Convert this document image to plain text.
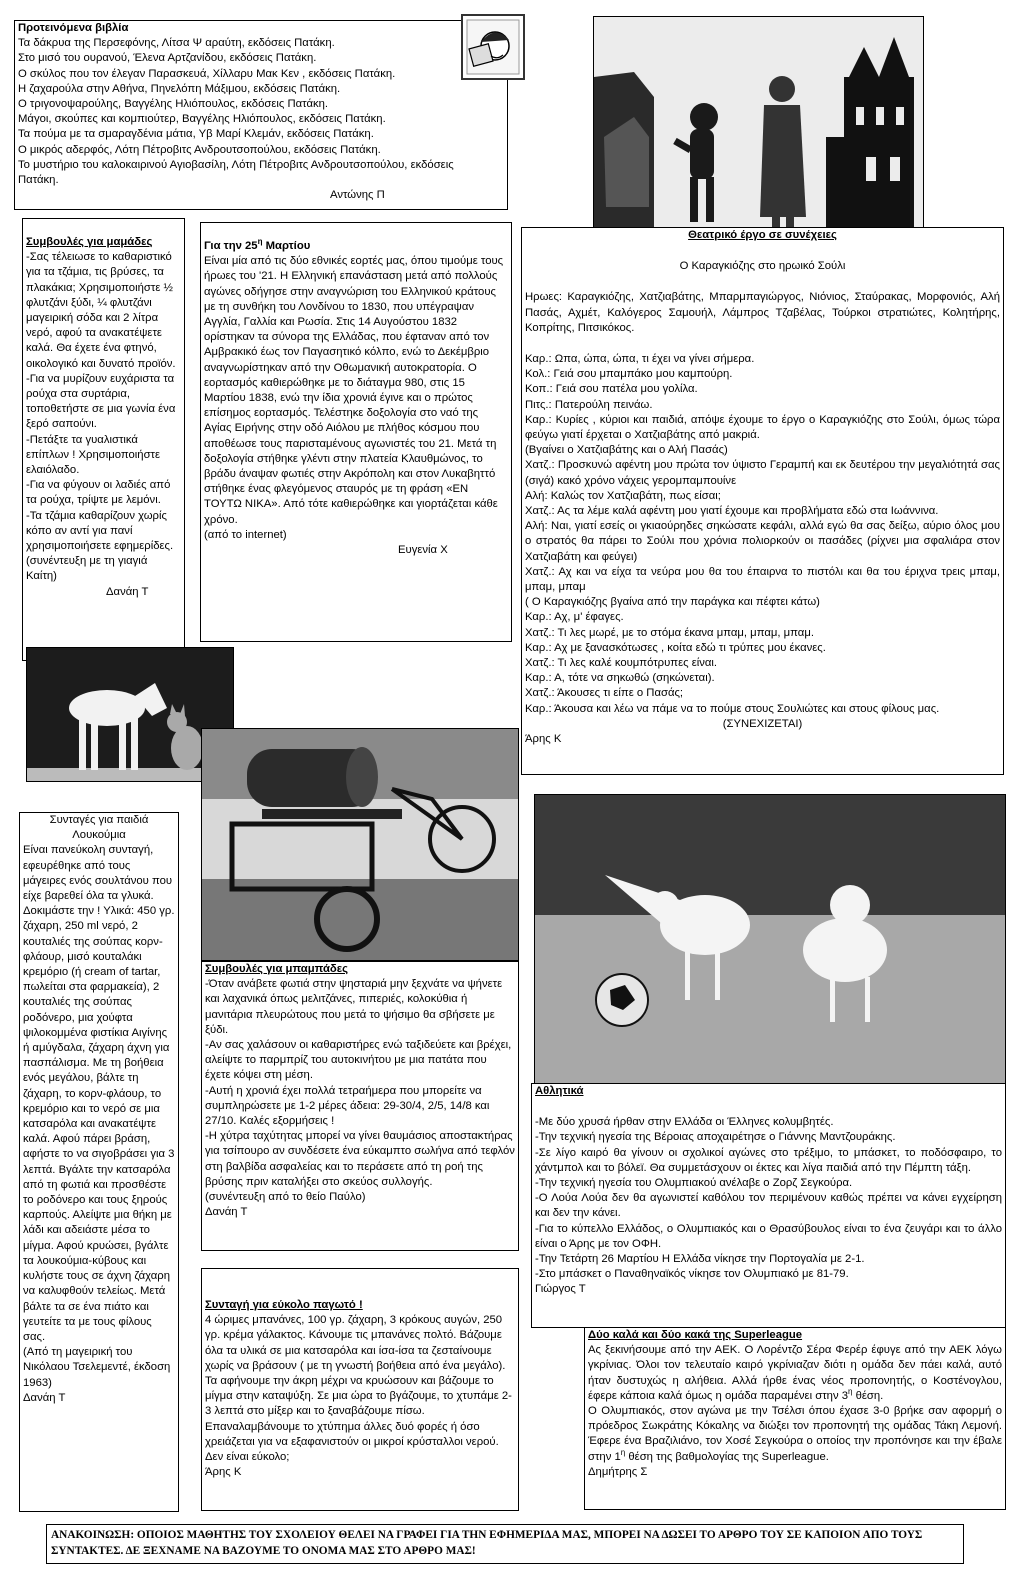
Προτεινόμενα βιβλία

Τα δάκρυα της Περσεφόνης, Λίτσα Ψ αραύτη, εκδόσεις Πατάκη.

Στο μισό του ουρανού, Έλενα Αρτζανίδου, εκδόσεις Πατάκη.

Ο σκύλος που τον έλεγαν Παρασκευά, Χίλλαρυ Μακ Κεν , εκδόσεις Πατάκη.

Η ζαχαρούλα στην Αθήνα, Πηνελόπη Μάξιμου, εκδόσεις Πατάκη.

Ο τριγονοψαρούλης, Βαγγέλης Ηλιόπουλος, εκδόσεις Πατάκη.

Μάγοι, σκούπες και κομπιούτερ, Βαγγέλης Ηλιόπουλος, εκδόσεις Πατάκη.

Τα πούμα με τα σμαραγδένια μάτια, Υβ Μαρί Κλεμάν, εκδόσεις Πατάκη.

Ο μικρός αδερφός, Λότη Πέτροβιτς Ανδρουτσοπούλου, εκδόσεις Πατάκη.

Το μυστήριο του καλοκαιρινού Αγιοβασίλη, Λότη Πέτροβιτς Ανδρουτσοπούλου, εκδόσεις Πατάκη.

Αντώνης Π

Συμβουλές για μαμάδες

-Σας τέλειωσε το καθαριστικό για τα τζάμια, τις βρύσες, τα πλακάκια; Χρησιμοποιήστε ½ φλυτζάνι ξύδι, ¼ φλυτζάνι μαγειρική σόδα και 2 λίτρα νερό, αφού τα ανακατέψετε καλά. Θα έχετε ένα φτηνό, οικολογικό και δυνατό προϊόν.

-Για να μυρίζουν ευχάριστα τα ρούχα στα συρτάρια, τοποθετήστε σε μια γωνία ένα ξερό σαπούνι.

-Πετάξτε τα γυαλιστικά επίπλων ! Χρησιμοποιήστε ελαιόλαδο.

-Για να φύγουν οι λαδιές από τα ρούχα, τρίψτε με λεμόνι.

-Τα τζάμια καθαρίζουν χωρίς κόπο αν αντί για πανί χρησιμοποιήσετε εφημερίδες.

(συνέντευξη με τη γιαγιά Καίτη)

Δανάη Τ

Για την $25^\eta$ Μαρτίου

Είναι μία από τις δύο εθνικές εορτές μας, όπου τιμούμε τους ήρωες του '21. Η Ελληνική επανάσταση μετά από πολλούς αγώνες οδήγησε στην αναγνώριση του Ελληνικού κράτους με τη συνθήκη του Λονδίνου το 1830, που υπέγραψαν Αγγλία, Γαλλία και Ρωσία. Στις 14 Αυγούστου 1832 ορίστηκαν τα σύνορα της Ελλάδας, που έφταναν από τον Αμβρακικό έως τον Παγασητικό κόλπο, ενώ το Δεκέμβριο αναγνωρίστηκαν από την Οθωμανική αυτοκρατορία. Ο εορτασμός καθιερώθηκε με το διάταγμα 980, στις 15 Μαρτίου 1838, ενώ την ίδια χρονιά έγινε και ο πρώτος επίσημος εορτασμός. Τελέστηκε δοξολογία στο ναό της Αγίας Ειρήνης στην οδό Αιόλου με πλήθος κόσμου που αποθέωσε τους παρισταμένους αγωνιστές του 21. Μετά τη δοξολογία στήθηκε γλέντι στην πλατεία Κλαυθμώνος, το βράδυ άναψαν φωτιές στην Ακρόπολη και στον Λυκαβηττό στήθηκε ένας φλεγόμενος σταυρός με τη φράση «ΕΝ ΤΟΥΤΩ ΝΙΚΑ». Από τότε καθιερώθηκε και γιορτάζεται κάθε χρόνο.

(από το internet)

Ευγενία Χ

Θεατρικό έργο σε συνέχειες

Ο Καραγκιόζης στο ηρωικό Σούλι

Ηρωες: Καραγκιόζης, Χατζιαβάτης, Μπαρμπαγιώργος, Νιόνιος, Σταύρακας, Μορφονιός, Αλή Πασάς, Αχμέτ, Καλόγερος Σαμουήλ, Λάμπρος Τζαβέλας, Τούρκοι στρατιώτες, Κολητήρης, Κοπρίτης, Πιτσικόκος.

Καρ.: Ωπα, ώπα, ώπα, τι έχει να γίνει σήμερα.

Κολ.: Γειά σου μπαμπάκο μου καμπούρη.

Κοπ.: Γειά σου πατέλα μου γολίλα.

Πιτς.: Πατερούλη πεινάω.

Καρ.: Κυρίες , κύριοι και παιδιά, απόψε έχουμε το έργο ο Καραγκιόζης στο Σούλι, όμως τώρα φεύγω γιατί έρχεται ο Χατζιαβάτης από μακριά.

(Βγαίνει ο Χατζιαβάτης και ο Αλή Πασάς)

Χατζ.: Προσκυνώ αφέντη μου πρώτα τον ύψιστο Γεραμπή και εκ δευτέρου την μεγαλιότητά σας (σιγά) κακό χρόνο νάχεις γερομπαμπουίνε

Αλή: Καλώς τον Χατζιαβάτη, πως είσαι;

Χατζ.: Ας τα λέμε καλά αφέντη μου γιατί έχουμε και προβλήματα εδώ στα Ιωάννινα.

Αλή: Ναι, γιατί εσείς οι γκιαούρηδες σηκώσατε κεφάλι, αλλά εγώ θα σας δείξω, αύριο όλος μου ο στρατός θα πάρει το Σούλι που χρόνια πολιορκούν οι πασάδες (ρίχνει μια σφαλιάρα στον Χατζιαβάτη και φεύγει)

Χατζ.: Αχ και να είχα τα νεύρα μου θα του έπαιρνα το πιστόλι και θα του έριχνα τρεις μπαμ, μπαμ, μπαμ

( Ο Καραγκιόζης βγαίνα από την παράγκα και πέφτει κάτω)

Καρ.: Αχ, μ' έφαγες.

Χατζ.: Τι λες μωρέ, με το στόμα έκανα μπαμ, μπαμ, μπαμ.

Καρ.: Αχ με ξανασκότωσες , κοίτα εδώ τι τρύπες μου έκανες.

Χατζ.: Τι λες καλέ κουμπότρυπες είναι.

Καρ.: Α, τότε να σηκωθώ (σηκώνεται).

Χατζ.: Άκουσες τι είπε ο Πασάς;

Καρ.: Άκουσα και λέω να πάμε να το πούμε στους Σουλιώτες και στους φίλους μας.

(ΣΥΝΕΧΙΖΕΤΑΙ)

Άρης Κ

Συνταγές για παιδιά

Λουκούμια

Είναι πανεύκολη συνταγή, εφευρέθηκε από τους μάγειρες ενός σουλτάνου που είχε βαρεθεί όλα τα γλυκά. Δοκιμάστε την ! Υλικά: 450 γρ. ζάχαρη, 250 ml νερό, 2 κουταλιές της σούπας κορν-φλάουρ, μισό κουταλάκι κρεμόριο (ή cream of tartar, πωλείται στα φαρμακεία), 2 κουταλιές της σούπας ροδόνερο, μια χούφτα ψιλοκομμένα φιστίκια Αιγίνης ή αμύγδαλα, ζάχαρη άχνη για πασπάλισμα. Με τη βοήθεια ενός μεγάλου, βάλτε τη ζάχαρη, το κορν-φλάουρ, το κρεμόριο και το νερό σε μια κατσαρόλα και ανακατέψτε καλά. Αφού πάρει βράση, αφήστε το να σιγοβράσει για 3 λεπτά. Βγάλτε την κατσαρόλα από τη φωτιά και προσθέστε το ροδόνερο και τους ξηρούς καρπούς. Αλείψτε μια θήκη με λάδι και αδειάστε μέσα το μίγμα. Αφού κρυώσει, βγάλτε τα λουκούμια-κύβους και κυλήστε τους σε άχνη ζάχαρη να καλυφθούν τελείως. Μετά βάλτε τα σε ένα πιάτο και γευτείτε τα με τους φίλους σας.

(Από τη μαγειρική του Νικόλαου Τσελεμεντέ, έκδοση 1963)

Δανάη Τ

Συμβουλές για μπαμπάδες

-Όταν ανάβετε φωτιά στην ψησταριά μην ξεχνάτε να ψήνετε και λαχανικά όπως μελιτζάνες, πιπεριές, κολοκύθια ή μανιτάρια πλευρώτους που μετά το ψήσιμο θα σβήσετε με ξύδι.

-Αν σας χαλάσουν οι καθαριστήρες ενώ ταξιδεύετε και βρέχει, αλείψτε το παρμπρίζ του αυτοκινήτου με μια πατάτα που έχετε κόψει στη μέση.

-Αυτή η χρονιά έχει πολλά τετραήμερα που μπορείτε να συμπληρώσετε με 1-2 μέρες άδεια: 29-30/4, 2/5, 14/8 και 27/10. Καλές εξορμήσεις !

-Η χύτρα ταχύτητας μπορεί να γίνει θαυμάσιος αποστακτήρας για τσίπουρο αν συνδέσετε ένα εύκαμπτο σωλήνα από τεφλόν στη βαλβίδα ασφαλείας και το περάσετε από τη ροή της βρύσης πριν καταλήξει στο σκεύος συλλογής.

(συνέντευξη από το θείο Παύλο)

Δανάη Τ

Αθλητικά

-Με δύο χρυσά ήρθαν στην Ελλάδα οι Έλληνες κολυμβητές.

-Την τεχνική ηγεσία της Βέροιας αποχαιρέτησε ο Γιάννης Μαντζουράκης.

-Σε λίγο καιρό θα γίνουν οι σχολικοί αγώνες στο τρέξιμο, το μπάσκετ, το ποδόσφαιρο, το χάντμπολ και το βόλεϊ. Θα συμμετάσχουν οι έκτες και λίγα παιδιά από την Πέμπτη τάξη.

-Την τεχνική ηγεσία του Ολυμπιακού ανέλαβε ο Ζορζ Σεγκούρα.

-Ο Λούα Λούα δεν θα αγωνιστεί καθόλου τον περιμένουν καθώς πρέπει να κάνει εγχείρηση και δεν την κάνει.

-Για το κύπελλο Ελλάδος, ο Ολυμπιακός και ο Θρασύβουλος είναι το ένα ζευγάρι και το άλλο είναι ο Άρης με τον ΟΦΗ.

-Την Τετάρτη 26 Μαρτίου Η Ελλάδα νίκησε την Πορτογαλία με 2-1.

-Στο μπάσκετ ο Παναθηναϊκός νίκησε τον Ολυμπιακό με 81-79.

Γιώργος Τ

Συνταγή για εύκολο παγωτό !

4 ώριμες μπανάνες, 100 γρ. ζάχαρη, 3 κρόκους αυγών, 250 γρ. κρέμα γάλακτος. Κάνουμε τις μπανάνες πολτό. Βάζουμε όλα τα υλικά σε μια κατσαρόλα και ίσα-ίσα τα ζεσταίνουμε χωρίς να βράσουν ( με τη γνωστή βοήθεια από ένα μεγάλο). Τα αφήνουμε την άκρη μέχρι να κρυώσουν και βάζουμε το μίγμα στην καταψύξη. Σε μια ώρα το βγάζουμε, το χτυπάμε 2-3 λεπτά στο μίξερ και το ξαναβάζουμε πίσω. Επαναλαμβάνουμε το χτύπημα άλλες δυό φορές ή όσο χρειάζεται για να εξαφανιστούν οι μικροί κρύσταλλοι νερού.

Δεν είναι εύκολο;

Άρης Κ

Δύο καλά και δύο κακά της Superleague

Ας ξεκινήσουμε από την ΑΕΚ. Ο Λορέντζο Σέρα Φερέρ έφυγε από την ΑΕΚ λόγω γκρίνιας. Όλοι τον τελευταίο καιρό γκρίνιαζαν διότι η ομάδα δεν πάει καλά, αυτό ήταν δυστυχώς η αλήθεια. Αλλά ήρθε ένας νέος προπονητής, ο Κοστένογλου, έφερε κάποια καλά όμως η ομάδα παραμένει στην $3^\eta$ θέση.

Ο Ολυμπιακός, στον αγώνα με την Τσέλσι όπου έχασε 3-0 βρήκε σαν αφορμή ο πρόεδρος Σωκράτης Κόκαλης να διώξει τον προπονητή της ομάδας Τάκη Λεμονή. Έφερε ένα Βραζιλιάνο, τον Χοσέ Σεγκούρα ο οποίος την προπόνησε και την έβαλε στην $1^\eta$ θέση της βαθμολογίας της Superleague.

Δημήτρης Σ

ΑΝΑΚΟΙΝΩΣΗ: ΟΠΟΙΟΣ ΜΑΘΗΤΗΣ ΤΟΥ ΣΧΟΛΕΙΟΥ ΘΕΛΕΙ ΝΑ ΓΡΑΦΕΙ ΓΙΑ ΤΗΝ ΕΦΗΜΕΡΙΔΑ ΜΑΣ, ΜΠΟΡΕΙ ΝΑ ΔΩΣΕΙ ΤΟ ΑΡΘΡΟ ΤΟΥ ΣΕ ΚΑΠΟΙΟΝ ΑΠΟ ΤΟΥΣ ΣΥΝΤΑΚΤΕΣ. ΔΕ ΞΕΧΝΑΜΕ ΝΑ ΒΑΖΟΥΜΕ ΤΟ ΟΝΟΜΑ ΜΑΣ ΣΤΟ ΑΡΘΡΟ ΜΑΣ!
